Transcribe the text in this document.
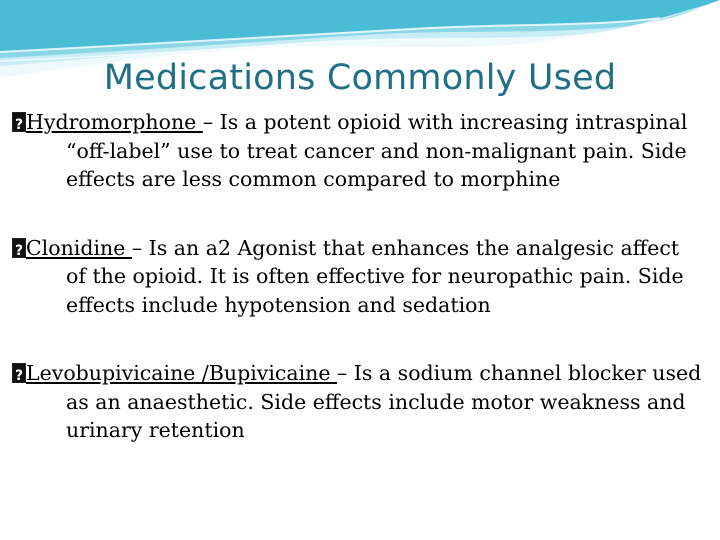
Medications Commonly Used
?
Hydromorphone – Is a potent opioid with increasing intraspinal “off-label” use to treat cancer and non-malignant pain. Side effects are less common compared to morphine
?
Clonidine – Is an a2 Agonist that enhances the analgesic affect of the opioid. It is often effective for neuropathic pain. Side effects include hypotension and sedation
?
Levobupivicaine /Bupivicaine – Is a sodium channel blocker used as an anaesthetic. Side effects include motor weakness and urinary retention
